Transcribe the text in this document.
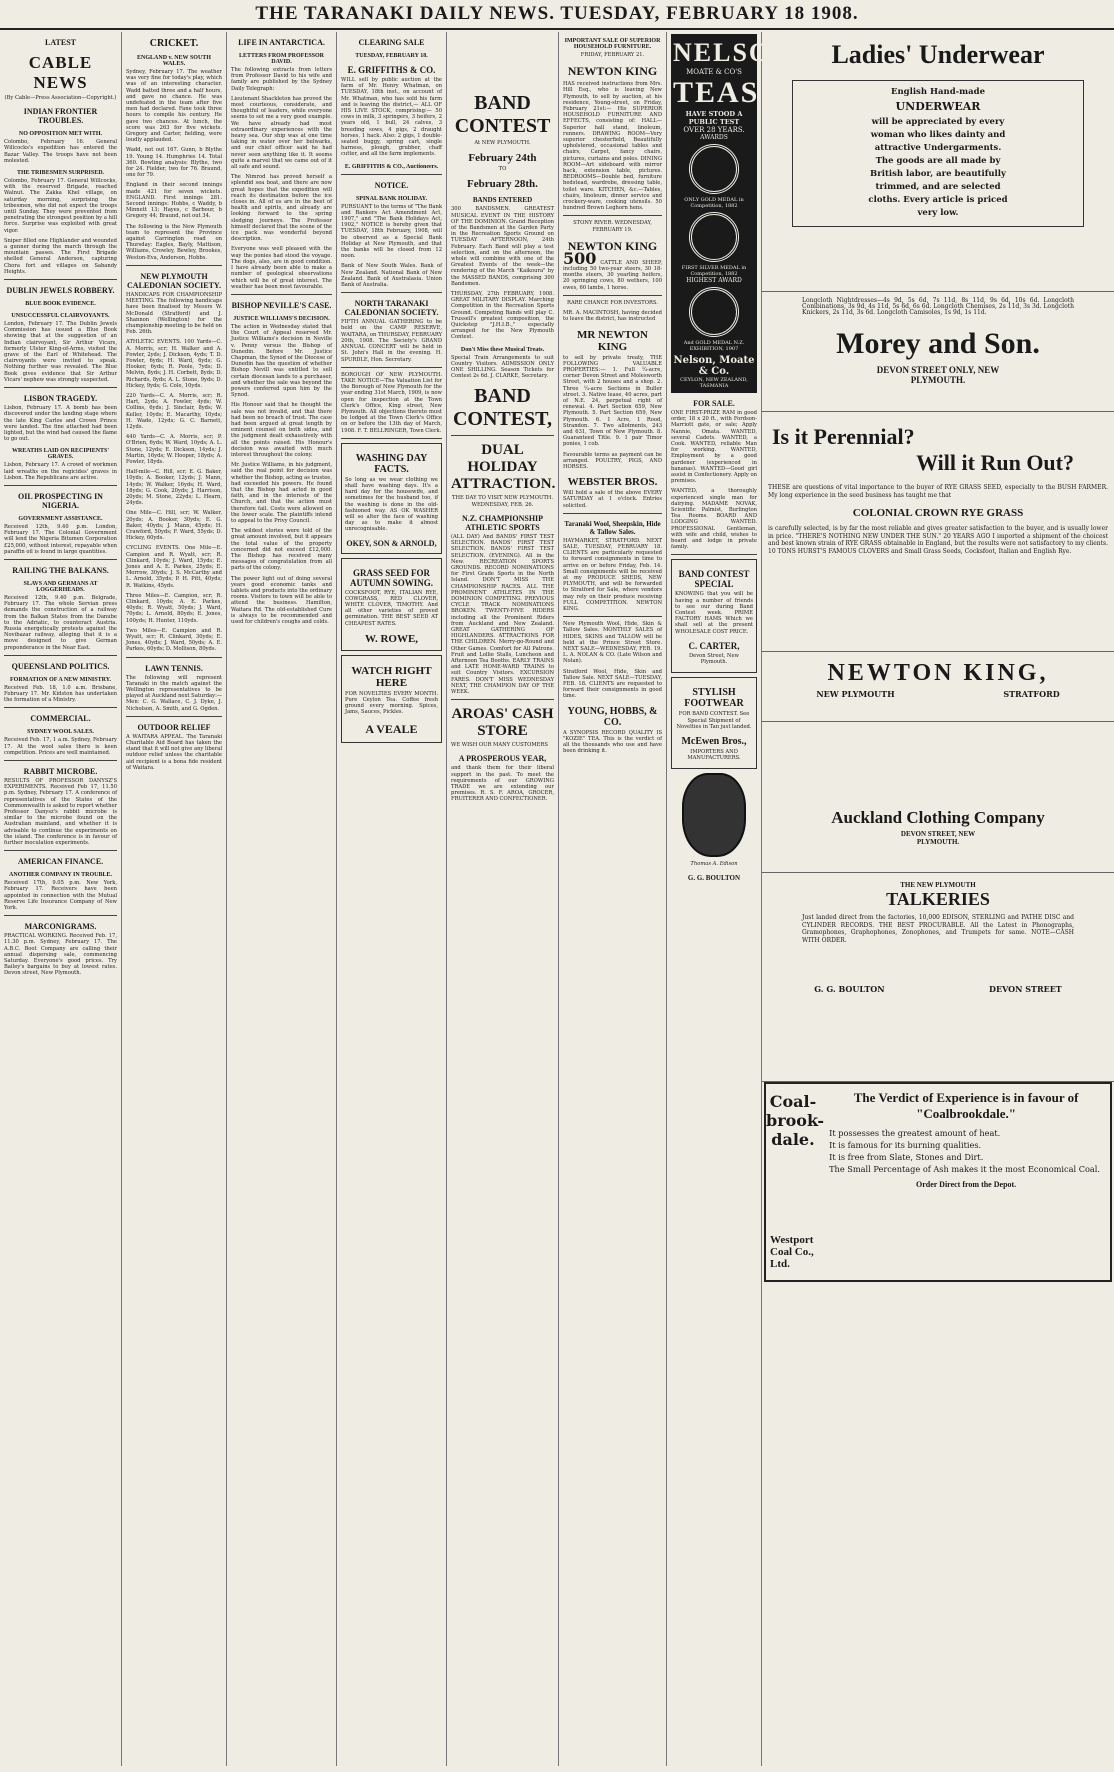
THE TARANAKI DAILY NEWS. TUESDAY, FEBRUARY 18 1908.
LATEST
CABLE NEWS
(By Cable—Press Association—Copyright.)
INDIAN FRONTIER TROUBLES.
NO OPPOSITION MET WITH.
Colombo, February 16. General Willcocks's expedition has entered the Bazar Valley. The troops have not been molested.
THE TRIBESMEN SURPRISED.
Colombo, February 17. General Willcocks, with the reserved Brigade, reached Walnut. The Zakka Khel village, on saturday morning, surprising the tribesmen, who did not expect the troops until Sunday. They were prevented from penetrating the strongest position by a hill force. Surprise was exploited with great vigor.
Sniper filled one Highlander and wounded a gunner during the march through the mountain passes. The First Brigade shelled General Anderson, capturing Chora fort and villages on Sabandy Heights.
DUBLIN JEWELS ROBBERY.
BLUE BOOK EVIDENCE.
UNSUCCESSFUL CLAIRVOYANTS.
London, February 17. The Dublin Jewels Commission has issued a Blue Book showing that at the suggestion of an Indian clairvoyant, Sir Arthur Vicars, formerly Ulster King-of-Arms, visited the grave of the Earl of Whitehead. The clairvoyants were invited to speak. Nothing further was revealed. The Blue Book gives evidence that Sir Arthur Vicars' nephew was strongly suspected.
LISBON TRAGEDY.
Lisbon, February 17. A bomb has been discovered under the landing stage where the late King Carlos and Crown Prince were landed. The fine attached had been lighted, but the wind had caused the flame to go out.
WREATHS LAID ON RECIPIENTS' GRAVES.
Lisbon, February 17. A crowd of workmen laid wreaths on the regicides' graves in Lisbon. The Republicans are active.
OIL PROSPECTING IN NIGERIA.
GOVERNMENT ASSISTANCE.
Received 12th, 9.40 p.m. London, February 17. The Colonial Government will lend the Nigeria Bitumen Corporation £25,000, without interest, repayable when paraffin oil is found in large quantities.
RAILING THE BALKANS.
SLAVS AND GERMANS AT LOGGERHEADS.
Received 12th, 9.40 p.m. Belgrade, February 17. The whole Servian press demands the construction of a railway from the Balkan States from the Danube to the Adriatic, to counteract Austria. Russia energetically protests against the Novibazar railway, alleging that it is a move designed to give German preponderance in the Near East.
QUEENSLAND POLITICS.
FORMATION OF A NEW MINISTRY.
Received Feb. 18, 1.0 a.m. Brisbane, February 17. Mr. Kidston has undertaken the formation of a Ministry.
COMMERCIAL.
SYDNEY WOOL SALES.
Received Feb. 17, 1 a.m. Sydney, February 17. At the wool sales there is keen competition. Prices are well maintained.
RABBIT MICROBE.
RESULTS OF PROFESSOR DANYSZ'S EXPERIMENTS. Received Feb 17, 11.50 p.m. Sydney, February 17. A conference of representatives of the States of the Commonwealth is asked to report whether Professor Danysz's rabbit microbe is similar to the microbe found on the Australian mainland, and whether it is advisable to continue the experiments on the island. The conference is in favour of further inoculation experiments.
AMERICAN FINANCE.
ANOTHER COMPANY IN TROUBLE.
Received 17th, 9.05 p.m. New York, February 17. Receivers have been appointed in connection with the Mutual Reserve Life Insurance Company of New York.
MARCONIGRAMS.
PRACTICAL WORKING. Received Feb. 17, 11.30 p.m. Sydney, February 17. The A.B.C. Boot Company are calling their annual dispersing sale, commencing Saturday. Everyone's good prices. Try Bailey's bargains to buy at lowest rates. Devon street, New Plymouth.
CRICKET.
ENGLAND v. NEW SOUTH WALES.
Sydney, February 17. The weather was very fine for today's play, which was of an interesting character. Wadd batted three and a half hours, and gave no chance. He was undefeated in the team after five men had declared. Fane took three hours to compile his century. He gave two chances. At lunch, the score was 263 for five wickets. Gregory and Carter, fielding, were loudly applauded.
Wadd, not out 167. Gunn, b Blythe 19. Young 14. Humphries 14. Total 360. Bowling analysis: Blythe, two for 24. Fielder, two for 76. Braund, one for 79.
England in their second innings made 421 for seven wickets. ENGLAND. First innings 281. Second innings: Hobbs, c Waddy, b Minnett 13; Hayes, c Barbour, b Gregory 44; Braund, not out 34.
The following is the New Plymouth team to represent the Province against Carrington road on Thursday: Eagles, Bayly, Mattison, Williams, Crowley, Bewley, Brookes, Weston-Eva, Anderson, Hobbs.
NEW PLYMOUTH CALEDONIAN SOCIETY.
HANDICAPS FOR CHAMPIONSHIP MEETING. The following handicaps have been finalised by Messrs W. McDonald (Stratford) and J. Shannon (Wellington) for the championship meeting to be held on Feb. 26th.
ATHLETIC EVENTS. 100 Yards—C. A. Morris, scr; H. Walker and A. Fowler, 2yds; J. Dickson, 4yds; T. D. Fowler, 6yds; H. Ward, 6yds; G. Hooker, 6yds; R. Poole, 7yds; D. Melvin, 8yds; J. H. Corbett, 8yds; D. Richards, 8yds; A. L. Stone, 9yds; D. Hickey, 9yds; G. Cole, 10yds.
220 Yards—C. A. Morris, scr; R. Hart, 2yds; A. Fowler, 4yds; W. Collins, 6yds; J. Sinclair, 8yds; W. Keller, 10yds; E. Macarthy, 10yds; H. Wade, 12yds; G. C. Barnett, 12yds.
440 Yards—C. A. Morris, scr; P. O'Brien, 6yds; W. Ward, 10yds; A. L. Stone, 12yds; E. Dickson, 14yds; J. Martin, 16yds; W. Hooper, 18yds; A. Fowler, 18yds.
Half-mile—C. Hill, scr; E. G. Baker, 10yds; A. Booker, 12yds; J. Mann, 14yds; W. Walker, 16yds; H. Ward, 18yds; G. Cook, 20yds; J. Harrison, 20yds; M. Stone, 22yds; L. Hearn, 24yds.
One Mile—C. Hill, scr; W. Walker, 20yds; A. Booker, 30yds; E. G. Baker, 40yds; J. Mann, 45yds; H. Crawford, 50yds; F. Ward, 55yds; D. Hickey, 60yds.
CYCLING EVENTS. One Mile—E. Campion and R. Wyatt, scr; R. Clinkard, 10yds; J. Ward, 15yds; E. Jones and A. E. Parkes, 25yds; E. Morrow, 30yds; J. S. McCarthy and L. Arnold, 35yds; P. H. Pitt, 40yds; R. Watkins, 45yds.
Three Miles—E. Campion, scr; R. Clinkard, 10yds; A. E. Parkes, 40yds; R. Wyatt, 50yds; J. Ward, 70yds; L. Arnold, 80yds; E. Jones, 100yds; H. Hunter, 110yds.
Two Miles—E. Campion and R. Wyatt, scr; R. Clinkard, 30yds; E. Jones, 40yds; J. Ward, 50yds; A. E. Parkes, 60yds; D. Mollison, 80yds.
LAWN TENNIS.
The following will represent Taranaki in the match against the Wellington representatives to be played at Auckland next Saturday:—Men: C. G. Wallace, C. J. Dyke, J. Nicholson, A. Smith, and G. Ogden.
OUTDOOR RELIEF
A WAITARA APPEAL. The Taranaki Charitable Aid Board has taken the stand that it will not give any liberal outdoor relief unless the charitable aid recipient is a bona fide resident of Waitara.
LIFE IN ANTARCTICA.
LETTERS FROM PROFESSOR DAVID.
The following extracts from letters from Professor David to his wife and family are published by the Sydney Daily Telegraph:
Lieutenant Shackleton has proved the most courteous, considerate, and thoughtful of leaders, while everyone seems to set me a very good example. We have already had most extraordinary experiences with the heavy sea. Our ship was at one time taking in water over her bulwarks, and our chief officer said he had never seen anything like it. It seems quite a marvel that we came out of it all safe and sound.
The Nimrod has proved herself a splendid sea boat, and there are now great hopes that the expedition will reach its destination before the ice closes in. All of us are in the best of health and spirits, and already are looking forward to the spring sledging journeys. The Professor himself declared that the scene of the ice pack was wonderful beyond description.
Everyone was well pleased with the way the ponies had stood the voyage. The dogs, also, are in good condition. I have already been able to make a number of geological observations which will be of great interest. The weather has been most favourable.
BISHOP NEVILLE'S CASE.
JUSTICE WILLIAMS'S DECISION.
The action in Wednesday stated that the Court of Appeal reserved Mr. Justice Williams's decision in Neville v. Penny versus the Bishop of Dunedin. Before Mr. Justice Chapman, the Synod of the Diocese of Dunedin has the question of whether Bishop Nevill was entitled to sell certain diocesan lands to a purchaser, and whether the sale was beyond the powers conferred upon him by the Synod.
His Honour said that he thought the sale was not invalid, and that there had been no breach of trust. The case had been argued at great length by eminent counsel on both sides, and the judgment dealt exhaustively with all the points raised. His Honour's decision was awaited with much interest throughout the colony.
Mr. Justice Williams, in his judgment, said the real point for decision was whether the Bishop, acting as trustee, had exceeded his powers. He found that the Bishop had acted in good faith, and in the interests of the Church, and that the action must therefore fail. Costs were allowed on the lower scale. The plaintiffs intend to appeal to the Privy Council.
The wildest stories were told of the great amount involved, but it appears the total value of the property concerned did not exceed £12,000. The Bishop has received many messages of congratulation from all parts of the colony.
The power light out of doing several years good economic tanks and tablets and products into the ordinary rooms. Visitors to town will be able to attend the business. Hamilton, Waitara Rd. The old-established Cure is always to be recommended and used for children's coughs and colds.
CLEARING SALE
TUESDAY, FEBRUARY 18.
E. GRIFFITHS & CO.
WILL sell by public auction at the farm of Mr. Henry Whatman, on TUESDAY, 18th inst., on account of Mr. Whatman, who has sold his farm and is leaving the district,— ALL OF HIS LIVE STOCK, comprising:— 50 cows in milk, 3 springers, 3 heifers, 2 years old, 1 bull, 24 calves, 3 breeding sows, 4 pigs, 2 draught horses, 1 hack. Also: 2 gigs, 1 double-seated buggy, spring cart, single harness, plough, grubber, chaff cutter, and all the farm implements.
E. GRIFFITHS & CO., Auctioneers.
NOTICE.
SPINAL BANK HOLIDAY.
PURSUANT to the terms of "The Bank and Bankers Act Amendment Act, 1907," and "The Bank Holidays Act, 1902," NOTICE is hereby given that TUESDAY, 18th February, 1908, will be observed as a Special Bank Holiday at New Plymouth, and that the banks will be closed from 12 noon.
Bank of New South Wales. Bank of New Zealand. National Bank of New Zealand. Bank of Australasia. Union Bank of Australia.
NORTH TARANAKI CALEDONIAN SOCIETY.
FIFTH ANNUAL GATHERING to be held on the CAMP RESERVE, WAITARA, on THURSDAY, FEBRUARY 20th, 1908. The Society's GRAND ANNUAL CONCERT will be held in St. John's Hall in the evening. H. SPURDLE, Hon. Secretary.
BOROUGH OF NEW PLYMOUTH. TAKE NOTICE—The Valuation List for the Borough of New Plymouth for the year ending 31st March, 1909, is now open for inspection at the Town Clerk's Office, King street, New Plymouth. All objections thereto must be lodged at the Town Clerk's Office on or before the 13th day of March, 1908. F. T. BELLRINGER, Town Clerk.
WASHING DAY FACTS.
So long as we wear clothing we shall have washing days. It's a hard day for the housewife, and sometimes for the husband too, if the washing is done in the old-fashioned way. AS OK WASHER will so alter the face of washing day as to make it almost unrecognisable.
OKEY, SON & ARNOLD,
GRASS SEED FOR AUTUMN SOWING.
COCKSFOOT, RYE, ITALIAN RYE, COWGRASS, RED CLOVER, WHITE CLOVER, TIMOTHY. And all other varieties of proved germination. THE BEST SEED AT CHEAPEST RATES.
W. ROWE,
WATCH RIGHT HERE
FOR NOVELTIES EVERY MONTH. Pure Ceylon Tea. Coffee fresh ground every morning. Spices, Jams, Sauces, Pickles.
A VEALE
BAND CONTEST
At NEW PLYMOUTH.
February 24th
TO
February 28th.
BANDS ENTERED
300 BANDSMEN. GREATEST MUSICAL EVENT IN THE HISTORY OF THE DOMINION. Grand Reception of the Bandsmen at the Garden Party in the Recreation Sports Ground on TUESDAY AFTERNOON, 24th February. Each Band will play a test selection, and on the afternoon, the whole will combine with one of the Greatest Events of the week—the rendering of the March "Kaikoura" by the MASSED BANDS, comprising 300 Bandsmen.
THURSDAY, 27th FEBRUARY, 1908. GREAT MILITARY DISPLAY. Marching Competition in the Recreation Sports Ground. Competing Bands will play C. Trussell's greatest composition, the Quickstep "J.H.I.B.," especially arranged for the New Plymouth Contest.
Don't Miss these Musical Treats.
Special Train Arrangements to suit Country Visitors. ADMISSION ONLY ONE SHILLING. Season Tickets for Contest 2s 6d. J. CLARKE, Secretary.
BAND CONTEST,
DUAL HOLIDAY ATTRACTION.
THE DAY TO VISIT NEW PLYMOUTH. WEDNESDAY, FEB. 26.
N.Z. CHAMPIONSHIP ATHLETIC SPORTS
(ALL DAY) And BANDS' FIRST TEST SELECTION. BANDS' FIRST TEST SELECTION. BANDS' FIRST TEST SELECTION. (EVENING). All in the New. RECREATION SPORTS GROUNDS. RECORD NOMINATIONS for First Grade Sports in the North Island. DON'T MISS THE CHAMPIONSHIP RACES. ALL THE PROMINENT ATHLETES IN THE DOMINION COMPETING. PREVIOUS CYCLE TRACK NOMINATIONS BROKEN. TWENTY-FIVE RIDERS including all the Prominent Riders from Auckland and New Zealand. GREAT GATHERING OF HIGHLANDERS. ATTRACTIONS FOR THE CHILDREN. Merry-go-Round and Other Games. Comfort for All Patrons. Fruit and Lollie Stalls, Luncheon and Afternoon Tea Booths. EARLY TRAINS and LATE HOME-WARD TRAINS to suit Country Visitors. EXCURSION FARES. DON'T MISS WEDNESDAY NEXT, THE CHAMPION DAY OF THE WEEK.
AROAS' CASH STORE
WE WISH OUR MANY CUSTOMERS
A PROSPEROUS YEAR,
and thank them for their liberal support in the past. To meet the requirements of our GROWING TRADE we are extending our premises. R. S. F. AROA, GROCER, FRUITERER AND CONFECTIONER.
IMPORTANT SALE OF SUPERIOR HOUSEHOLD FURNITURE.
FRIDAY, FEBRUARY 21.
NEWTON KING
HAS received instructions from Mrs. Hill Esq., who is leaving New Plymouth, to sell by auction, at his residence, Young-street, on Friday, February 21st:— His SUPERIOR HOUSEHOLD FURNITURE AND EFFECTS, consisting of: HALL—Superior hall stand, linoleum, runners. DRAWING ROOM—Very superior chesterfield, Beautifully upholstered, occasional tables and chairs, Carpet, fancy chairs, pictures, curtains and poles. DINING ROOM—Art sideboard with mirror back, extension table, pictures. BEDROOMS—Double bed, furniture bedstead, wardrobe, dressing table, toilet ware. KITCHEN, &c.—Tables, chairs, linoleum, dinner service and crockery-ware, cooking utensils. 50 hundred Brown Leghorn hens.
STONY RIVER. WEDNESDAY, FEBRUARY 19.
NEWTON KING
500 CATTLE AND SHEEP, including 50 two-year steers, 30 18-months steers, 30 yearling heifers, 20 springing cows, 80 wethers, 100 ewes, 60 lambs, 1 horse.
RARE CHANCE FOR INVESTORS.
MR. A. MACINTOSH, having decided to leave the district, has instructed
MR NEWTON KING
to sell by private treaty, THE FOLLOWING VALUABLE PROPERTIES:— 1. Full ¼-acre, corner Devon Street and Molesworth Street, with 2 houses and a shop. 2. Three ¼-acre Sections in Buller street. 3. Native lease, 40 acres, part of N.E. 24, perpetual right of renewal. 4. Part Section 659, New Plymouth. 5. Part Section 659, New Plymouth. 6. 1 Acre, 1 Rood, Strandon. 7. Two allotments, 243 and 631, Town of New Plymouth. 8. Guaranteed Title. 9. 1 pair Timor ponies, 1 cob.
Favourable terms as payment can be arranged. POULTRY, PIGS, AND HORSES.
WEBSTER BROS.
Will hold a sale of the above EVERY SATURDAY at 1 o'clock. Entries solicited.
Taranaki Wool, Sheepskin, Hide & Tallow Sales.
HAYMARKET, STRATFORD. NEXT SALE, TUESDAY, FEBRUARY 18. CLIENTS are particularly requested to forward consignments in time to arrive on or before Friday, Feb. 14. Small consignments will be received at my PRODUCE SHEDS, NEW PLYMOUTH, and will be forwarded to Stratford for Sale, where vendors may rely on their produce receiving FULL COMPETITION. NEWTON KING.
New Plymouth Wool, Hide, Skin & Tallow Sales. MONTHLY SALES of HIDES, SKINS and TALLOW will be held at the Prince Street Store. NEXT SALE—WEDNESDAY, FEB. 19. L. A. NOLAN & CO. (Late Wilson and Nolan).
Stratford Wool, Hide, Skin and Tallow Sale. NEXT SALE—TUESDAY, FEB. 18. CLIENTS are requested to forward their consignments in good time.
YOUNG, HOBBS, & CO.
A SYNOPSIS RECORD QUALITY IS "KOZIE" TEA. This is the verdict of all the thousands who use and have been drinking it.
NELSON
MOATE & CO'S
TEAS
HAVE STOOD A PUBLIC TEST
OVER 28 YEARS.
AWARDS
ONLY GOLD MEDAL in Competition, 1882
FIRST SILVER MEDAL in Competition, 1882
HIGHEST AWARD
And GOLD MEDAL N.Z. EXHIBITION, 1907
Nelson, Moate & Co.
CEYLON, NEW ZEALAND, TASMANIA
FOR SALE.
ONE FIRST-PRIZE RAM in good order, 18 x 20 ft., with Fordson-Marriott gate, or sale; Apply Nannie, Omata. WANTED, several Cadets. WANTED, a Cook. WANTED, reliable Man for working. WANTED, Employment by a good gardener (experienced in bananas). WANTED—Good girl assist in Confectionery. Apply on premises.
WANTED, a thoroughly experienced single man for dairying. MADAME NOVAK, Scientific Palmist, Burlington Tea Rooms. BOARD AND LODGING WANTED. PROFESSIONAL Gentleman, with wife and child, wishes to board and lodge in private family.
BAND CONTEST SPECIAL
KNOWING that you will be having a number of friends to see our during Band Contest week. PRIME FACTORY HAMS Which we shall sell at the present WHOLESALE COST PRICE.
C. CARTER,
Devon Street, New Plymouth.
STYLISH FOOTWEAR
FOR BAND CONTEST. See Special Shipment of Novelties in Tan just landed.
McEwen Bros.,
IMPORTERS AND MANUFACTURERS.
Thomas A. Edison
G. G. BOULTON
Ladies' Underwear
English Hand-made
UNDERWEAR
will be appreciated by every
woman who likes dainty and
attractive Undergarments.
The goods are all made by
British labor, are beautifully
trimmed, and are selected
cloths. Every article is priced
very low.
Longcloth Nightdresses—4s 9d, 5s 6d, 7s 11d, 8s 11d, 9s 6d, 10s 6d. Longcloth Combinations, 3s 9d, 4s 11d, 5s 6d, 6s 6d. Longcloth Chemises, 2s 11d, 3s 3d. Longcloth Knickers, 2s 11d, 3s 6d. Longcloth Camisoles, 1s 9d, 1s 11d.
Morey and Son.
DEVON STREET ONLY, NEW PLYMOUTH.
Is it Perennial?
Will it Run Out?
THESE are questions of vital importance to the buyer of RYE GRASS SEED, especially to the BUSH FARMER. My long experience in the seed business has taught me that
COLONIAL CROWN RYE GRASS
is carefully selected, is by far the most reliable and gives greater satisfaction to the buyer, and is usually lower in price. "THERE'S NOTHING NEW UNDER THE SUN." 20 YEARS AGO I imported a shipment of the choicest and best known strain of RYE GRASS obtainable in England, but the results were not satisfactory to my clients. 10 TONS HURST'S FAMOUS CLOVERS and Small Grass Seeds, Cocksfoot, Italian and English Rye.
NEWTON KING,
NEW PLYMOUTH	STRATFORD
Auckland Clothing Company
DEVON STREET, NEW PLYMOUTH.
THE NEW PLYMOUTH
TALKERIES
Just landed direct from the factories, 10,000 EDISON, STERLING and PATHE DISC and CYLINDER RECORDS. THE BEST PROCURABLE. All the Latest in Phonographs, Gramophones, Graphophones, Zonophones, and Trumpets for same. NOTE—CASH WITH ORDER.
G. G. BOULTON	DEVON STREET
Coal-brook-dale.
The Verdict of Experience is in favour of "Coalbrookdale."
It possesses the greatest amount of heat.
It is famous for its burning qualities.
It is free from Slate, Stones and Dirt.
The Small Percentage of Ash makes it the most Economical Coal.
Order Direct from the Depot.
Westport Coal Co., Ltd.
